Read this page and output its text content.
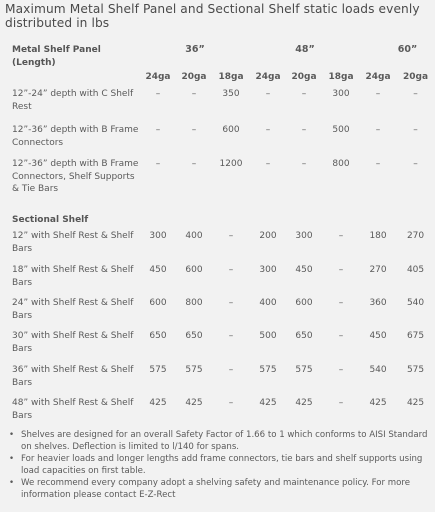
Maximum Metal Shelf Panel and Sectional Shelf static loads evenly distributed in lbs
Metal Shelf Panel (Length)	36”			48”			60”	
	24ga	20ga	18ga	24ga	20ga	18ga	24ga	20ga
12”-24” depth with C Shelf Rest	–	–	350	–	–	300	–	–
12”-36” depth with B Frame Connectors	–	–	600	–	–	500	–	–
12”-36” depth with B Frame Connectors, Shelf Supports & Tie Bars	–	–	1200	–	–	800	–	–
Sectional Shelf								
12” with Shelf Rest & Shelf Bars	300	400	–	200	300	–	180	270
18” with Shelf Rest & Shelf Bars	450	600	–	300	450	–	270	405
24” with Shelf Rest & Shelf Bars	600	800	–	400	600	–	360	540
30” with Shelf Rest & Shelf Bars	650	650	–	500	650	–	450	675
36” with Shelf Rest & Shelf Bars	575	575	–	575	575	–	540	575
48” with Shelf Rest & Shelf Bars	425	425	–	425	425	–	425	425
• Shelves are designed for an overall Safety Factor of 1.66 to 1 which conforms to AISI Standard on shelves. Deflection is limited to l/140 for spans.
• For heavier loads and longer lengths add frame connectors, tie bars and shelf supports using load capacities on first table.
• We recommend every company adopt a shelving safety and maintenance policy. For more information please contact E-Z-Rect
